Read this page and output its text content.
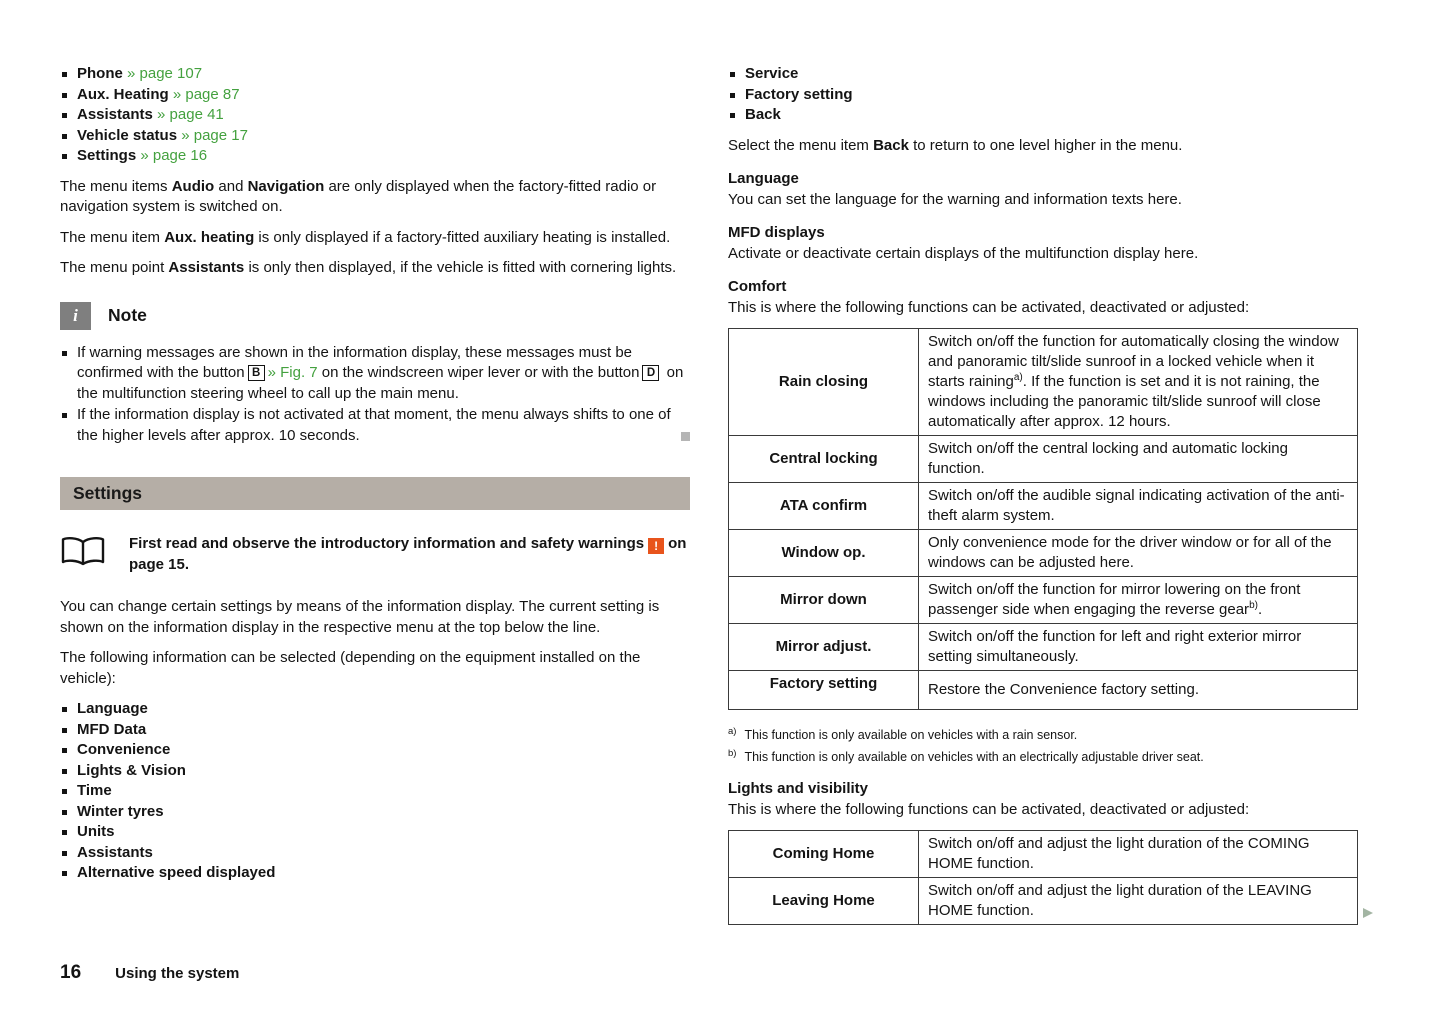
Phone » page 107
Aux. Heating » page 87
Assistants » page 41
Vehicle status » page 17
Settings » page 16

The menu items Audio and Navigation are only displayed when the factory-fitted radio or navigation system is switched on.

The menu item Aux. heating is only displayed if a factory-fitted auxiliary heating is installed.

The menu point Assistants is only then displayed, if the vehicle is fitted with cornering lights.

i	Note
If warning messages are shown in the information display, these messages must be confirmed with the button B » Fig. 7 on the windscreen wiper lever or with the button D on the multifunction steering wheel to call up the main menu.
If the information display is not activated at that moment, the menu always shifts to one of the higher levels after approx. 10 seconds.
Settings
First read and observe the introductory information and safety warnings ! on page 15.

You can change certain settings by means of the information display. The current setting is shown on the information display in the respective menu at the top below the line.

The following information can be selected (depending on the equipment installed on the vehicle):

Language
MFD Data
Convenience
Lights & Vision
Time
Winter tyres
Units
Assistants
Alternative speed displayed
Service
Factory setting
Back

Select the menu item Back to return to one level higher in the menu.

Language
You can set the language for the warning and information texts here.
MFD displays
Activate or deactivate certain displays of the multifunction display here.
Comfort
This is where the following functions can be activated, deactivated or adjusted:
Rain closing	Switch on/off the function for automatically closing the window and panoramic tilt/slide sunroof in a locked vehicle when it starts raining$^{a)}$. If the function is set and it is not raining, the windows including the panoramic tilt/slide sunroof will close automatically after approx. 12 hours.
Central locking	Switch on/off the central locking and automatic locking function.
ATA confirm	Switch on/off the audible signal indicating activation of the anti-theft alarm system.
Window op.	Only convenience mode for the driver window or for all of the windows can be adjusted here.
Mirror down	Switch on/off the function for mirror lowering on the front passenger side when engaging the reverse gear$^{b)}$.
Mirror adjust.	Switch on/off the function for left and right exterior mirror setting simultaneously.
Factory setting	Restore the Convenience factory setting.
$^{a)}$ This function is only available on vehicles with a rain sensor.
$^{b)}$ This function is only available on vehicles with an electrically adjustable driver seat.
Lights and visibility
This is where the following functions can be activated, deactivated or adjusted:
Coming Home	Switch on/off and adjust the light duration of the COMING HOME function.
Leaving Home	Switch on/off and adjust the light duration of the LEAVING HOME function.
16 Using the system
